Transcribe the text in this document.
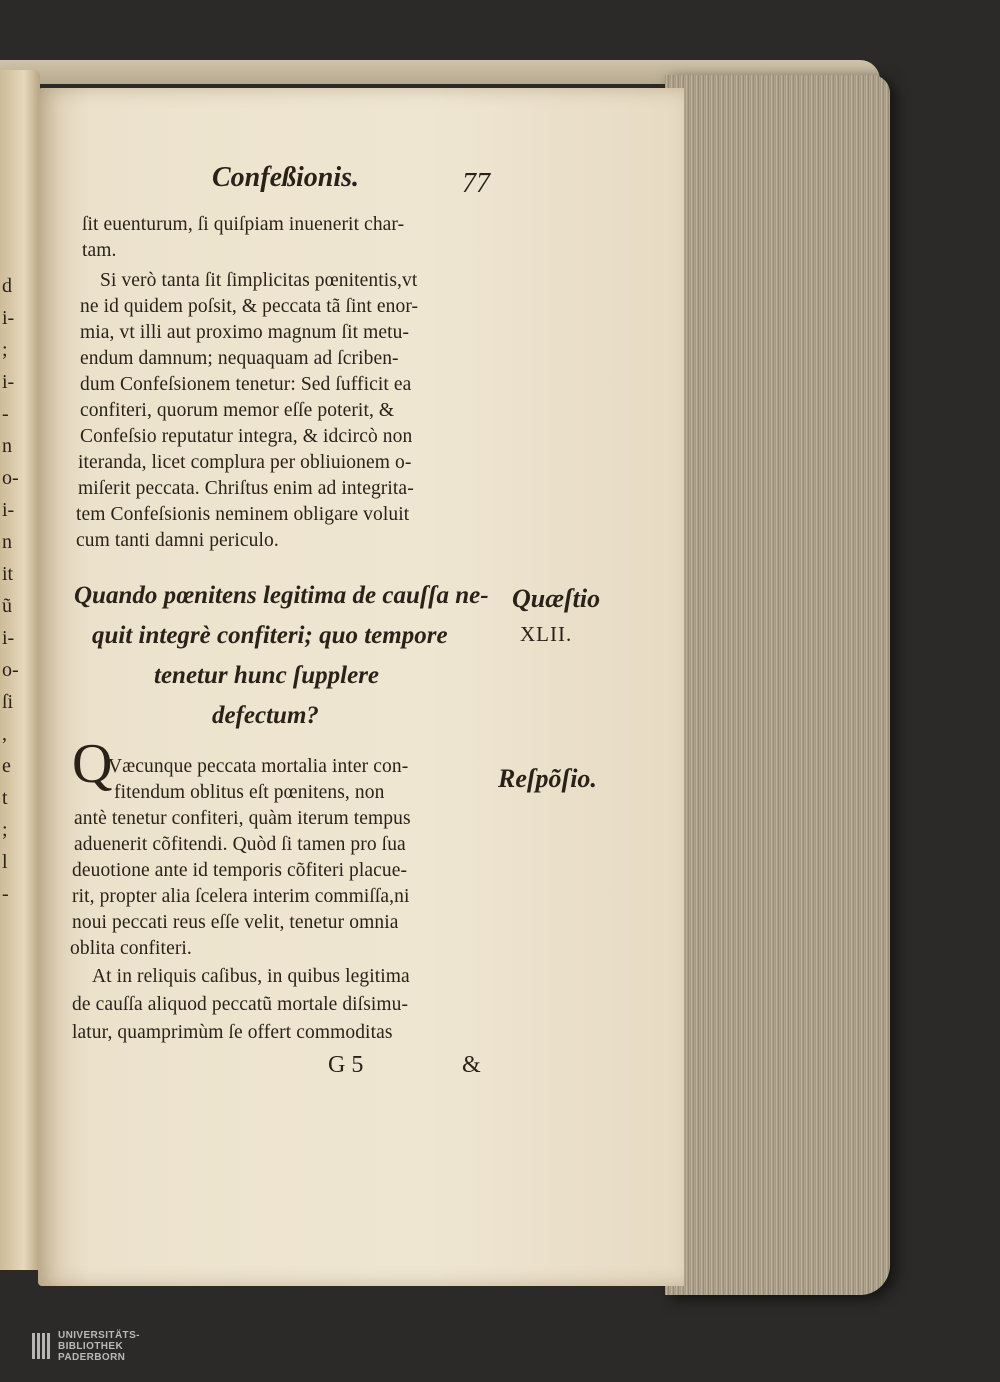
d
i-
;
i-
-
n
o-
i-
n
it
ũ
i-
o-
ſi
,
e
t
;
l
-
Confeßionis.	77
ſit euenturum, ſi quiſpiam inuenerit char-
tam.
Si verò tanta ſit ſimplicitas pœnitentis,vt
ne id quidem poſsit, & peccata tã ſint enor-
mia, vt illi aut proximo magnum ſit metu-
endum damnum; nequaquam ad ſcriben-
dum Confeſsionem tenetur: Sed ſufficit ea
confiteri, quorum memor eſſe poterit, &
Confeſsio reputatur integra, & idcircò non
iteranda, licet complura per obliuionem o-
miſerit peccata. Chriſtus enim ad integrita-
tem Confeſsionis neminem obligare voluit
cum tanti damni periculo.
Quando pœnitens legitima de cauſſa ne-
quit integrè confiteri; quo tempore
tenetur hunc ſupplere
defectum?
Quæſtio
XLII.
Reſpõſio.
Q
Væcunque peccata mortalia inter con-
fitendum oblitus eſt pœnitens, non
antè tenetur confiteri, quàm iterum tempus
aduenerit cõfitendi. Quòd ſi tamen pro ſua
deuotione ante id temporis cõfiteri placue-
rit, propter alia ſcelera interim commiſſa,ni
noui peccati reus eſſe velit, tenetur omnia
oblita confiteri.
At in reliquis caſibus, in quibus legitima
de cauſſa aliquod peccatũ mortale diſsimu-
latur, quamprimùm ſe offert commoditas
G 5	&
UNIVERSITÄTS-
BIBLIOTHEK
PADERBORN
